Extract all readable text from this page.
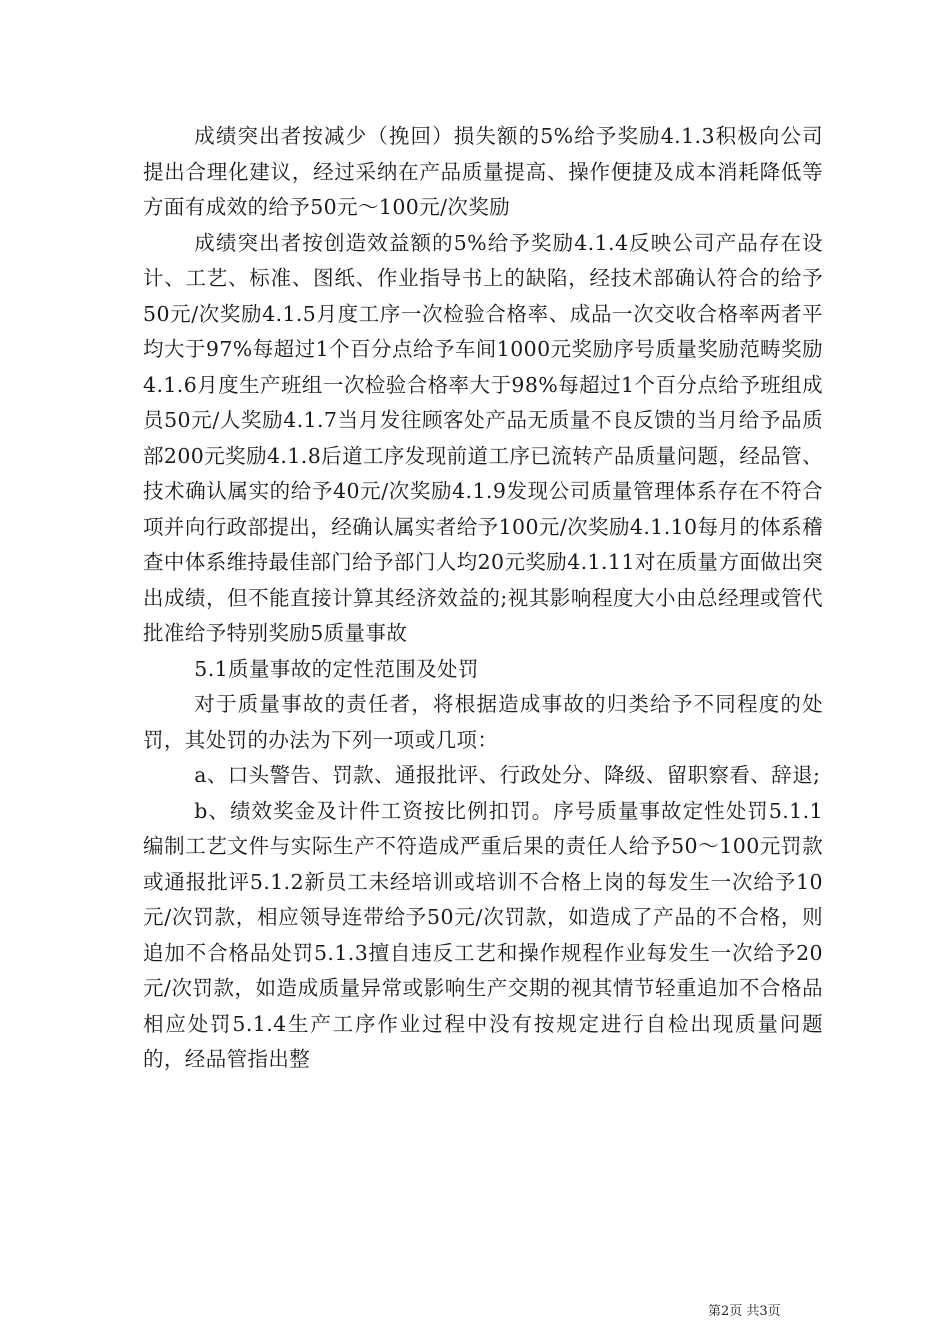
成绩突出者按减少（挽回）损失额的5%给予奖励4.1.3积极向公司提出合理化建议，经过采纳在产品质量提高、操作便捷及成本消耗降低等方面有成效的给予50元～100元/次奖励

成绩突出者按创造效益额的5%给予奖励4.1.4反映公司产品存在设计、工艺、标准、图纸、作业指导书上的缺陷，经技术部确认符合的给予50元/次奖励4.1.5月度工序一次检验合格率、成品一次交收合格率两者平均大于97%每超过1个百分点给予车间1000元奖励序号质量奖励范畴奖励4.1.6月度生产班组一次检验合格率大于98%每超过1个百分点给予班组成员50元/人奖励4.1.7当月发往顾客处产品无质量不良反馈的当月给予品质部200元奖励4.1.8后道工序发现前道工序已流转产品质量问题，经品管、技术确认属实的给予40元/次奖励4.1.9发现公司质量管理体系存在不符合项并向行政部提出，经确认属实者给予100元/次奖励4.1.10每月的体系稽查中体系维持最佳部门给予部门人均20元奖励4.1.11对在质量方面做出突出成绩，但不能直接计算其经济效益的;视其影响程度大小由总经理或管代批准给予特别奖励5质量事故

5.1质量事故的定性范围及处罚

对于质量事故的责任者，将根据造成事故的归类给予不同程度的处罚，其处罚的办法为下列一项或几项：

a、口头警告、罚款、通报批评、行政处分、降级、留职察看、辞退;

b、绩效奖金及计件工资按比例扣罚。序号质量事故定性处罚5.1.1编制工艺文件与实际生产不符造成严重后果的责任人给予50～100元罚款或通报批评5.1.2新员工未经培训或培训不合格上岗的每发生一次给予10元/次罚款，相应领导连带给予50元/次罚款，如造成了产品的不合格，则追加不合格品处罚5.1.3擅自违反工艺和操作规程作业每发生一次给予20元/次罚款，如造成质量异常或影响生产交期的视其情节轻重追加不合格品相应处罚5.1.4生产工序作业过程中没有按规定进行自检出现质量问题的，经品管指出整

第2页 共3页
